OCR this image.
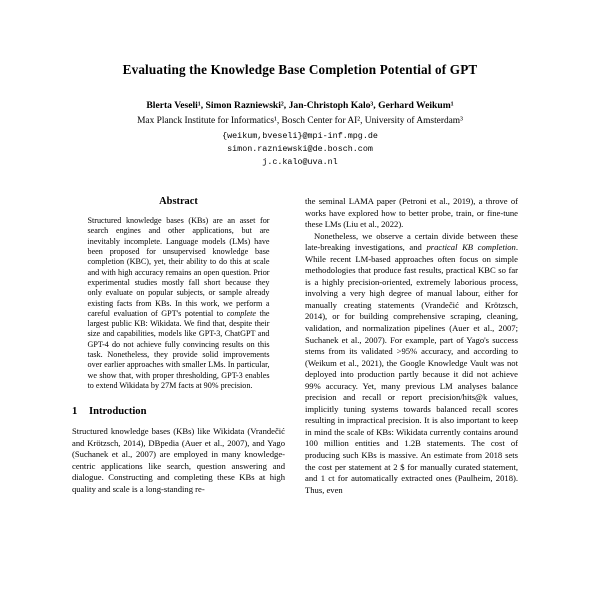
Evaluating the Knowledge Base Completion Potential of GPT
Blerta Veseli¹, Simon Razniewski², Jan-Christoph Kalo³, Gerhard Weikum¹
Max Planck Institute for Informatics¹, Bosch Center for AI², University of Amsterdam³
{weikum,bveseli}@mpi-inf.mpg.de
simon.razniewski@de.bosch.com
j.c.kalo@uva.nl
Abstract

Structured knowledge bases (KBs) are an asset for search engines and other applications, but are inevitably incomplete. Language models (LMs) have been proposed for unsupervised knowledge base completion (KBC), yet, their ability to do this at scale and with high accuracy remains an open question. Prior experimental studies mostly fall short because they only evaluate on popular subjects, or sample already existing facts from KBs. In this work, we perform a careful evaluation of GPT's potential to complete the largest public KB: Wikidata. We find that, despite their size and capabilities, models like GPT-3, ChatGPT and GPT-4 do not achieve fully convincing results on this task. Nonetheless, they provide solid improvements over earlier approaches with smaller LMs. In particular, we show that, with proper thresholding, GPT-3 enables to extend Wikidata by 27M facts at 90% precision.

1 Introduction

Structured knowledge bases (KBs) like Wikidata (Vrandečić and Krötzsch, 2014), DBpedia (Auer et al., 2007), and Yago (Suchanek et al., 2007) are employed in many knowledge-centric applications like search, question answering and dialogue. Constructing and completing these KBs at high quality and scale is a long-standing re-

the seminal LAMA paper (Petroni et al., 2019), a throve of works have explored how to better probe, train, or fine-tune these LMs (Liu et al., 2022).

Nonetheless, we observe a certain divide between these late-breaking investigations, and practical KB completion. While recent LM-based approaches often focus on simple methodologies that produce fast results, practical KBC so far is a highly precision-oriented, extremely laborious process, involving a very high degree of manual labour, either for manually creating statements (Vrandečić and Krötzsch, 2014), or for building comprehensive scraping, cleaning, validation, and normalization pipelines (Auer et al., 2007; Suchanek et al., 2007). For example, part of Yago's success stems from its validated >95% accuracy, and according to (Weikum et al., 2021), the Google Knowledge Vault was not deployed into production partly because it did not achieve 99% accuracy. Yet, many previous LM analyses balance precision and recall or report precision/hits@k values, implicitly tuning systems towards balanced recall scores resulting in impractical precision. It is also important to keep in mind the scale of KBs: Wikidata currently contains around 100 million entities and 1.2B statements. The cost of producing such KBs is massive. An estimate from 2018 sets the cost per statement at 2 $ for manually curated statement, and 1 ct for automatically extracted ones (Paulheim, 2018). Thus, even
